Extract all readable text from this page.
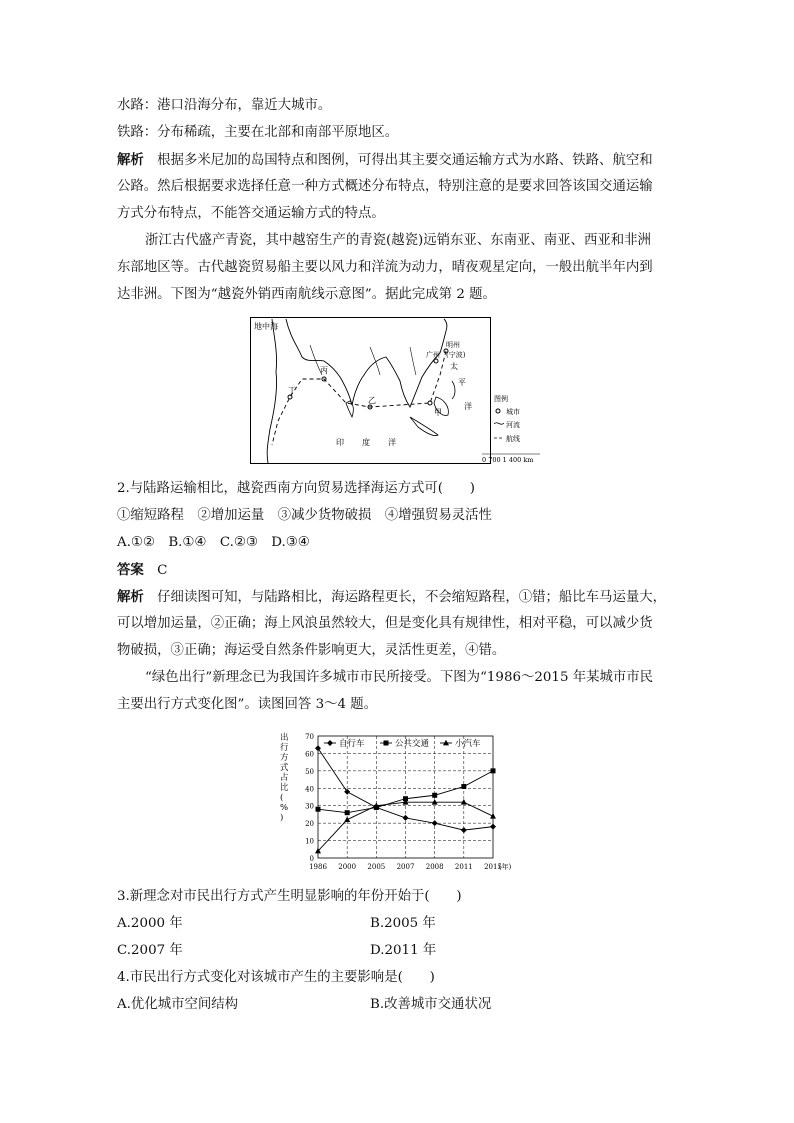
水路：港口沿海分布，靠近大城市。
铁路：分布稀疏，主要在北部和南部平原地区。
解析　 根据多米尼加的岛国特点和图例，可得出其主要交通运输方式为水路、铁路、航空和
公路。然后根据要求选择任意一种方式概述分布特点，特别注意的是要求回答该国交通运输
方式分布特点，不能答交通运输方式的特点。
浙江古代盛产青瓷，其中越窑生产的青瓷(越瓷)远销东亚、东南亚、南亚、西亚和非洲
东部地区等。古代越瓷贸易船主要以风力和洋流为动力，晴夜观星定向，一般出航半年内到
达非洲。下图为“越瓷外销西南航线示意图”。据此完成第 2 题。
地中海
广州
明州
(宁波)
太
平
洋
印 度 洋
丙
丁
乙
甲
图例
城市
河流
航线
0 700 1 400 km
2.与陆路运输相比，越瓷西南方向贸易选择海运方式可(　　)
①缩短路程　②增加运量　③减少货物破损　④增强贸易灵活性
A.①②　B.①④　C.②③　D.③④
答案　 C
解析　 仔细读图可知，与陆路相比，海运路程更长，不会缩短路程，①错；船比车马运量大，
可以增加运量，②正确；海上风浪虽然较大，但是变化具有规律性，相对平稳，可以减少货
物破损，③正确；海运受自然条件影响更大，灵活性更差，④错。
“绿色出行”新理念已为我国许多城市市民所接受。下图为“1986～2015 年某城市市民
主要出行方式变化图”。读图回答 3～4 题。
0
10
20
30
40
50
60
70
1986 2000 2005 2007 2008 2011 2015
(年)
出行方式占比( % )
自行车	公共交通	小汽车
3.新理念对市民出行方式产生明显影响的年份开始于(　　)
A.2000 年	B.2005 年
C.2007 年	D.2011 年
4.市民出行方式变化对该城市产生的主要影响是(　　)
A.优化城市空间结构	B.改善城市交通状况
